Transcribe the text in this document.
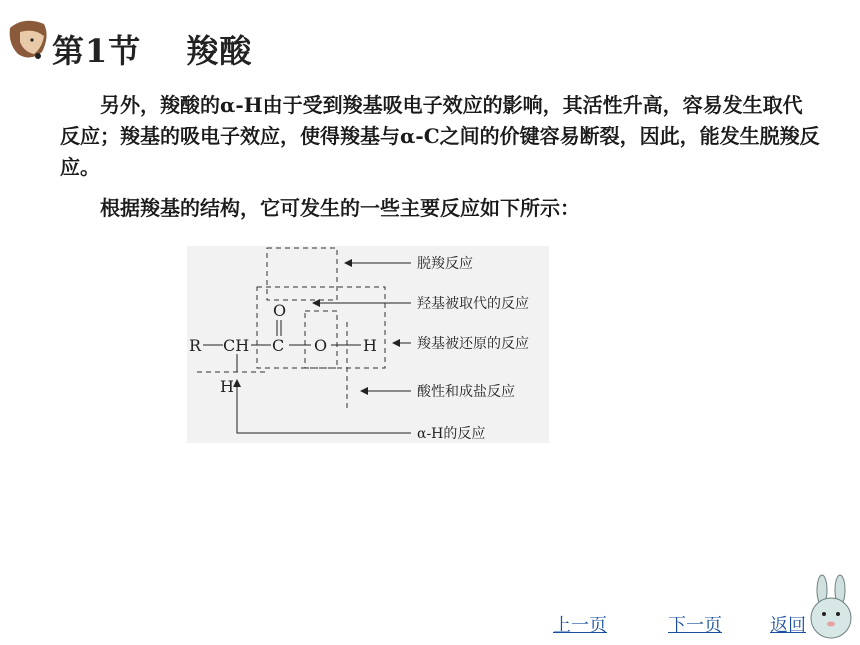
第1节　 羧酸
另外，羧酸的α-H由于受到羧基吸电子效应的影响，其活性升高，容易发生取代反应；羧基的吸电子效应，使得羧基与α-C之间的价键容易断裂，因此，能发生脱羧反应。
根据羧基的结构，它可发生的一些主要反应如下所示：
R CH C
O
O H
H
脱羧反应
羟基被取代的反应
羧基被还原的反应
酸性和成盐反应
α-H的反应
上一页	下一页	返回
